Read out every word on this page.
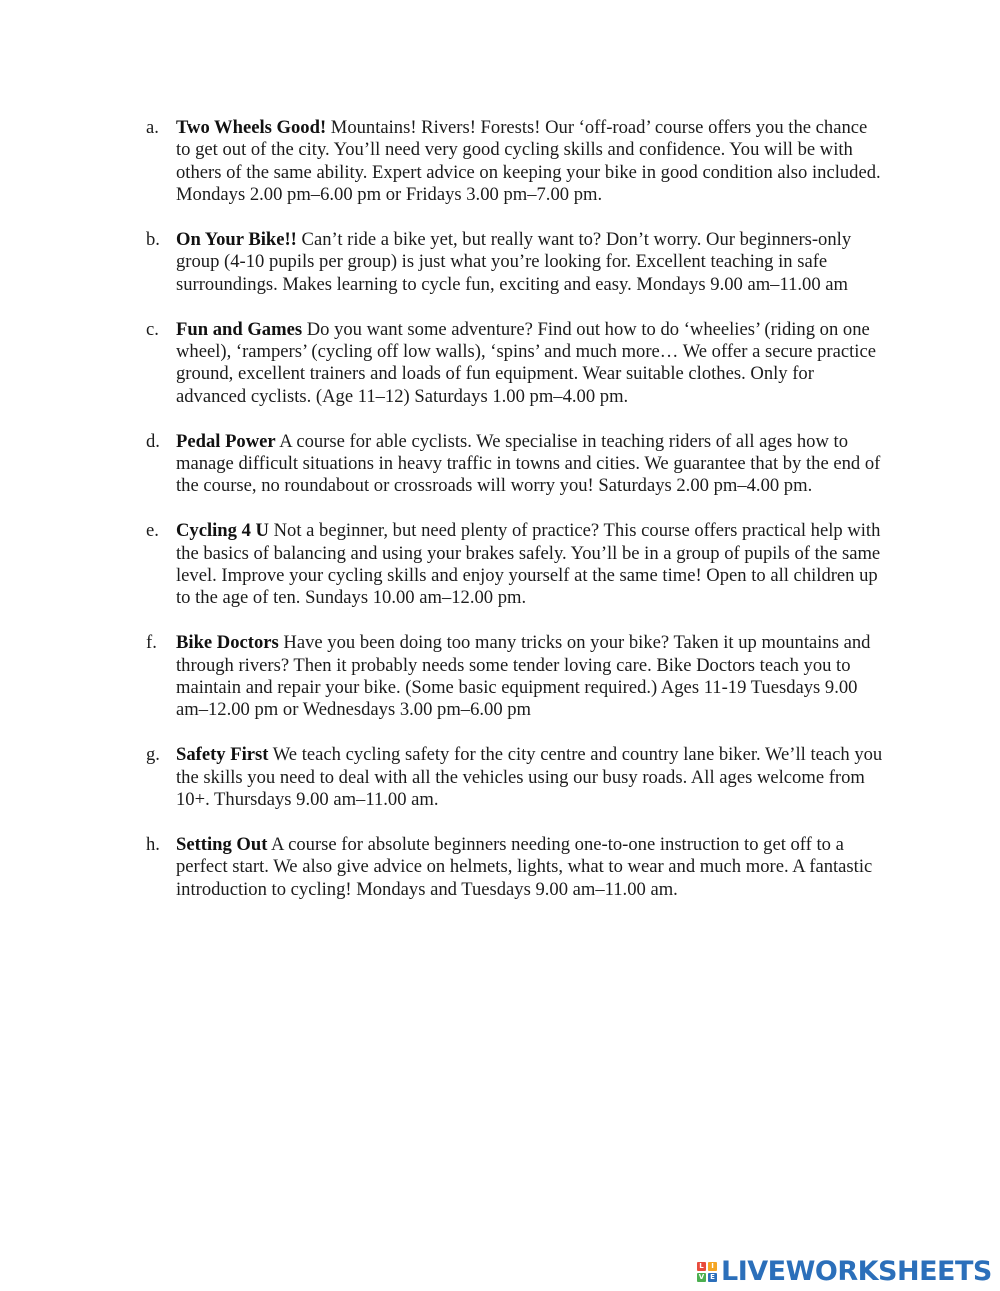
a. Two Wheels Good! Mountains! Rivers! Forests! Our ‘off-road’ course offers you the chance to get out of the city. You’ll need very good cycling skills and confidence. You will be with others of the same ability. Expert advice on keeping your bike in good condition also included. Mondays 2.00 pm–6.00 pm or Fridays 3.00 pm–7.00 pm.
b. On Your Bike!! Can’t ride a bike yet, but really want to? Don’t worry. Our beginners-only group (4-10 pupils per group) is just what you’re looking for. Excellent teaching in safe surroundings. Makes learning to cycle fun, exciting and easy. Mondays 9.00 am–11.00 am
c. Fun and Games Do you want some adventure? Find out how to do ‘wheelies’ (riding on one wheel), ‘rampers’ (cycling off low walls), ‘spins’ and much more… We offer a secure practice ground, excellent trainers and loads of fun equipment. Wear suitable clothes. Only for advanced cyclists. (Age 11–12) Saturdays 1.00 pm–4.00 pm.
d. Pedal Power A course for able cyclists. We specialise in teaching riders of all ages how to manage difficult situations in heavy traffic in towns and cities. We guarantee that by the end of the course, no roundabout or crossroads will worry you! Saturdays 2.00 pm–4.00 pm.
e. Cycling 4 U Not a beginner, but need plenty of practice? This course offers practical help with the basics of balancing and using your brakes safely. You’ll be in a group of pupils of the same level. Improve your cycling skills and enjoy yourself at the same time! Open to all children up to the age of ten. Sundays 10.00 am–12.00 pm.
f. Bike Doctors Have you been doing too many tricks on your bike? Taken it up mountains and through rivers? Then it probably needs some tender loving care. Bike Doctors teach you to maintain and repair your bike. (Some basic equipment required.) Ages 11-19 Tuesdays 9.00 am–12.00 pm or Wednesdays 3.00 pm–6.00 pm
g. Safety First We teach cycling safety for the city centre and country lane biker. We’ll teach you the skills you need to deal with all the vehicles using our busy roads. All ages welcome from 10+. Thursdays 9.00 am–11.00 am.
h. Setting Out A course for absolute beginners needing one-to-one instruction to get off to a perfect start. We also give advice on helmets, lights, what to wear and much more. A fantastic introduction to cycling! Mondays and Tuesdays 9.00 am–11.00 am.
L	I
V E LIVEWORKSHEETS
